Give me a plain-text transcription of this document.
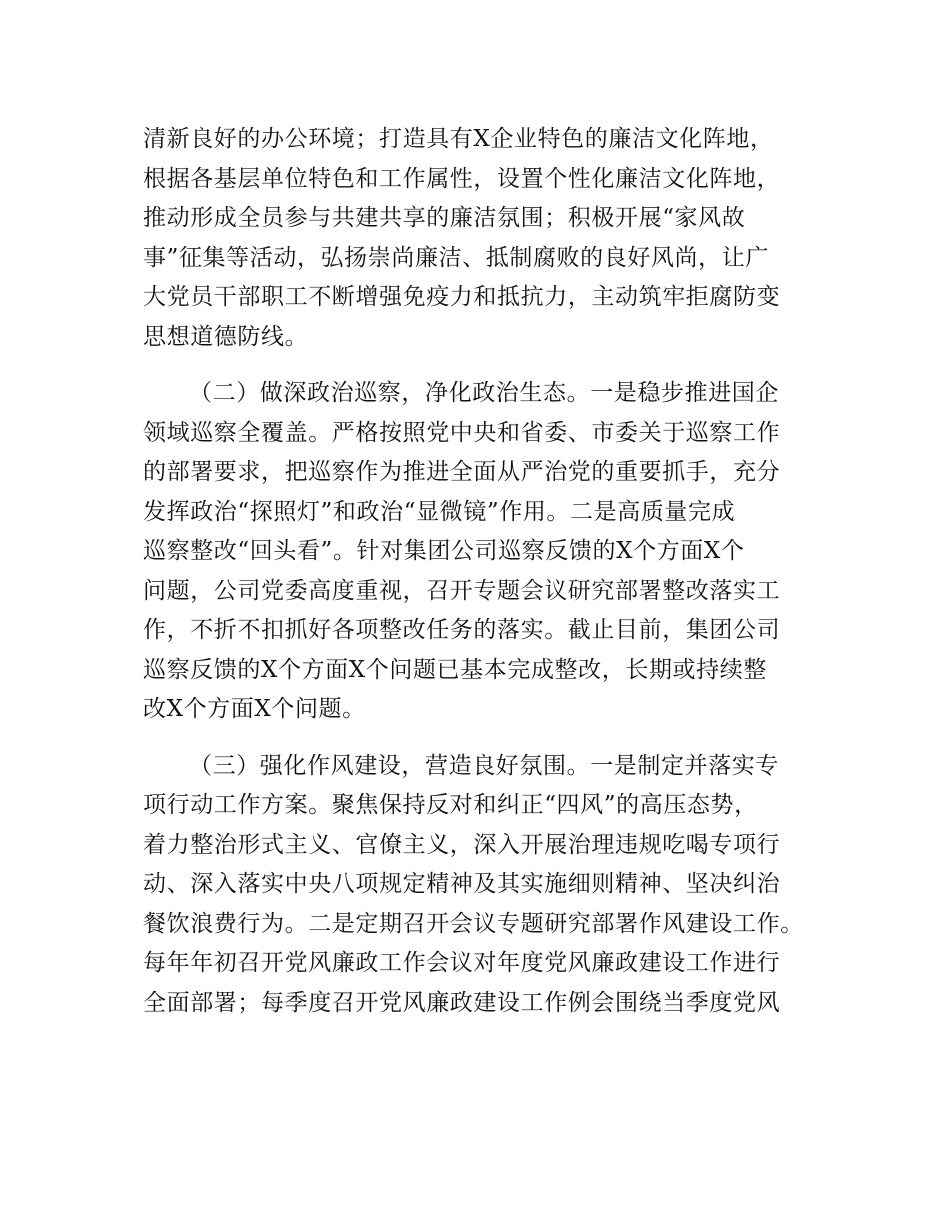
清新良好的办公环境；打造具有X企业特色的廉洁文化阵地，
根据各基层单位特色和工作属性，设置个性化廉洁文化阵地，
推动形成全员参与共建共享的廉洁氛围；积极开展“家风故
事”征集等活动，弘扬崇尚廉洁、抵制腐败的良好风尚，让广
大党员干部职工不断增强免疫力和抵抗力，主动筑牢拒腐防变
思想道德防线。
（二）做深政治巡察，净化政治生态。一是稳步推进国企
领域巡察全覆盖。严格按照党中央和省委、市委关于巡察工作
的部署要求，把巡察作为推进全面从严治党的重要抓手，充分
发挥政治“探照灯”和政治“显微镜”作用。二是高质量完成
巡察整改“回头看”。针对集团公司巡察反馈的X个方面X个
问题，公司党委高度重视，召开专题会议研究部署整改落实工
作，不折不扣抓好各项整改任务的落实。截止目前，集团公司
巡察反馈的X个方面X个问题已基本完成整改，长期或持续整
改X个方面X个问题。
（三）强化作风建设，营造良好氛围。一是制定并落实专
项行动工作方案。聚焦保持反对和纠正“四风”的高压态势，
着力整治形式主义、官僚主义，深入开展治理违规吃喝专项行
动、深入落实中央八项规定精神及其实施细则精神、坚决纠治
餐饮浪费行为。二是定期召开会议专题研究部署作风建设工作。
每年年初召开党风廉政工作会议对年度党风廉政建设工作进行
全面部署；每季度召开党风廉政建设工作例会围绕当季度党风
